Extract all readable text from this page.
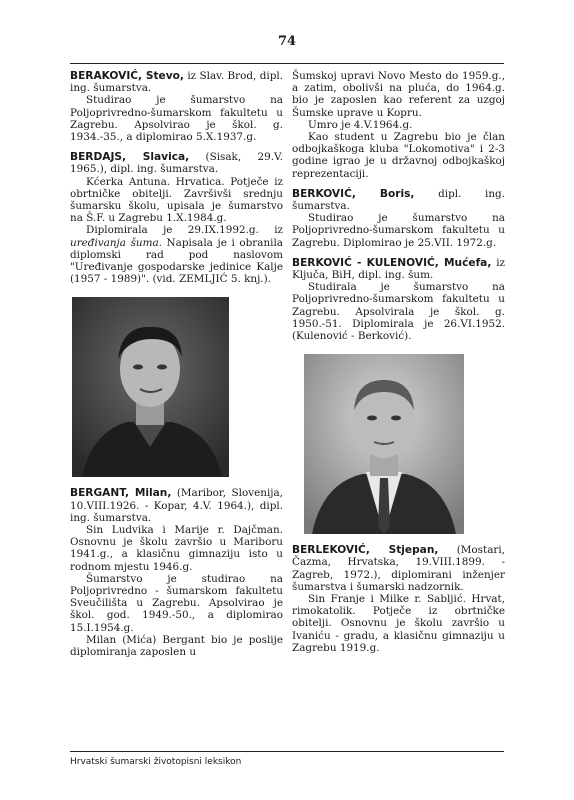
74

BERAKOVIĆ, Stevo, iz Slav. Brod, dipl. ing. šumarstva.

Studirao je šumarstvo na Poljoprivredno-šumarskom fakultetu u Zagrebu. Apsolvirao je škol. g. 1934.-35., a diplomirao 5.X.1937.g.

BERDAJS, Slavica, (Sisak, 29.V. 1965.), dipl. ing. šumarstva.

Kćerka Antuna. Hrvatica. Potječe iz obrtničke obitelji. Završivši srednju šumarsku školu, upisala je šumarstvo na Š.F. u Zagrebu 1.X.1984.g.

Diplomirala je 29.IX.1992.g. iz uređivanja šuma. Napisala je i obranila diplomski rad pod naslovom "Uređivanje gospodarske jedinice Kalje (1957 - 1989)". (vid. ZEMLJIĆ 5. knj.).

BERGANT, Milan, (Maribor, Slovenija, 10.VIII.1926. - Kopar, 4.V. 1964.), dipl. ing. šumarstva.

Sin Ludvika i Marije r. Dajčman. Osnovnu je školu završio u Mariboru 1941.g., a klasičnu gimnaziju isto u rodnom mjestu 1946.g.

Šumarstvo je studirao na Poljoprivredno - šumarskom fakultetu Sveučilišta u Zagrebu. Apsolvirao je škol. god. 1949.-50., a diplomirao 15.I.1954.g.

Milan (Mića) Bergant bio je poslije diplomiranja zaposlen u

Šumskoj upravi Novo Mesto do 1959.g., a zatim, obolivši na pluća, do 1964.g. bio je zaposlen kao referent za uzgoj Šumske uprave u Kopru.

Umro je 4.V.1964.g.

Kao student u Zagrebu bio je član odbojkaškoga kluba "Lokomotiva" i 2-3 godine igrao je u državnoj odbojkaškoj reprezentaciji.

BERKOVIĆ, Boris, dipl. ing. šumarstva.

Studirao je šumarstvo na Poljoprivredno-šumarskom fakultetu u Zagrebu. Diplomirao je 25.VII. 1972.g.

BERKOVIĆ - KULENOVIĆ, Mućefa, iz Ključa, BiH, dipl. ing. šum.

Studirala je šumarstvo na Poljoprivredno-šumarskom fakultetu u Zagrebu. Apsolvirala je škol. g. 1950.-51. Diplomirala je 26.VI.1952. (Kulenović - Berković).

BERLEKOVIĆ, Stjepan, (Mostari, Čazma, Hrvatska, 19.VIII.1899. - Zagreb, 1972.), diplomirani inženjer šumarstva i šumarski nadzornik.

Sin Franje i Milke r. Sabljić. Hrvat, rimokatolik. Potječe iz obrtničke obitelji. Osnovnu je školu završio u Ivaniću - gradu, a klasičnu gimnaziju u Zagrebu 1919.g.

Hrvatski šumarski životopisni leksikon
